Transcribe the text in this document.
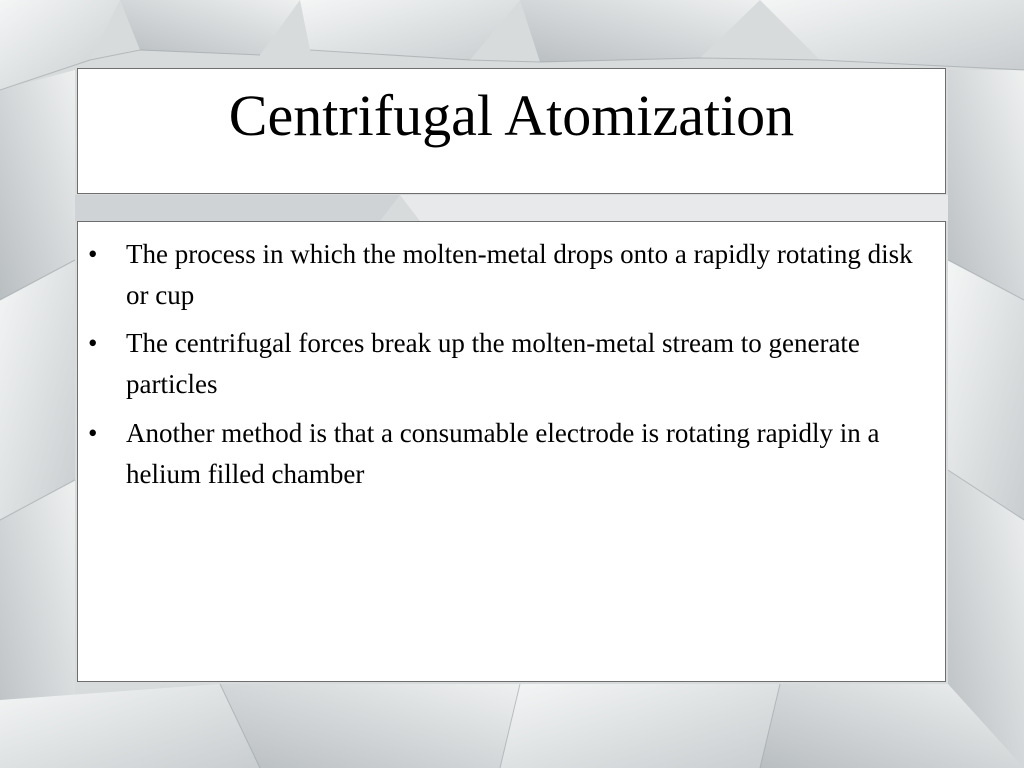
Centrifugal Atomization
• The process in which the molten-metal drops onto a rapidly rotating disk or cup
• The centrifugal forces break up the molten-metal stream to generate particles
• Another method is that a consumable electrode is rotating rapidly in a helium filled chamber
